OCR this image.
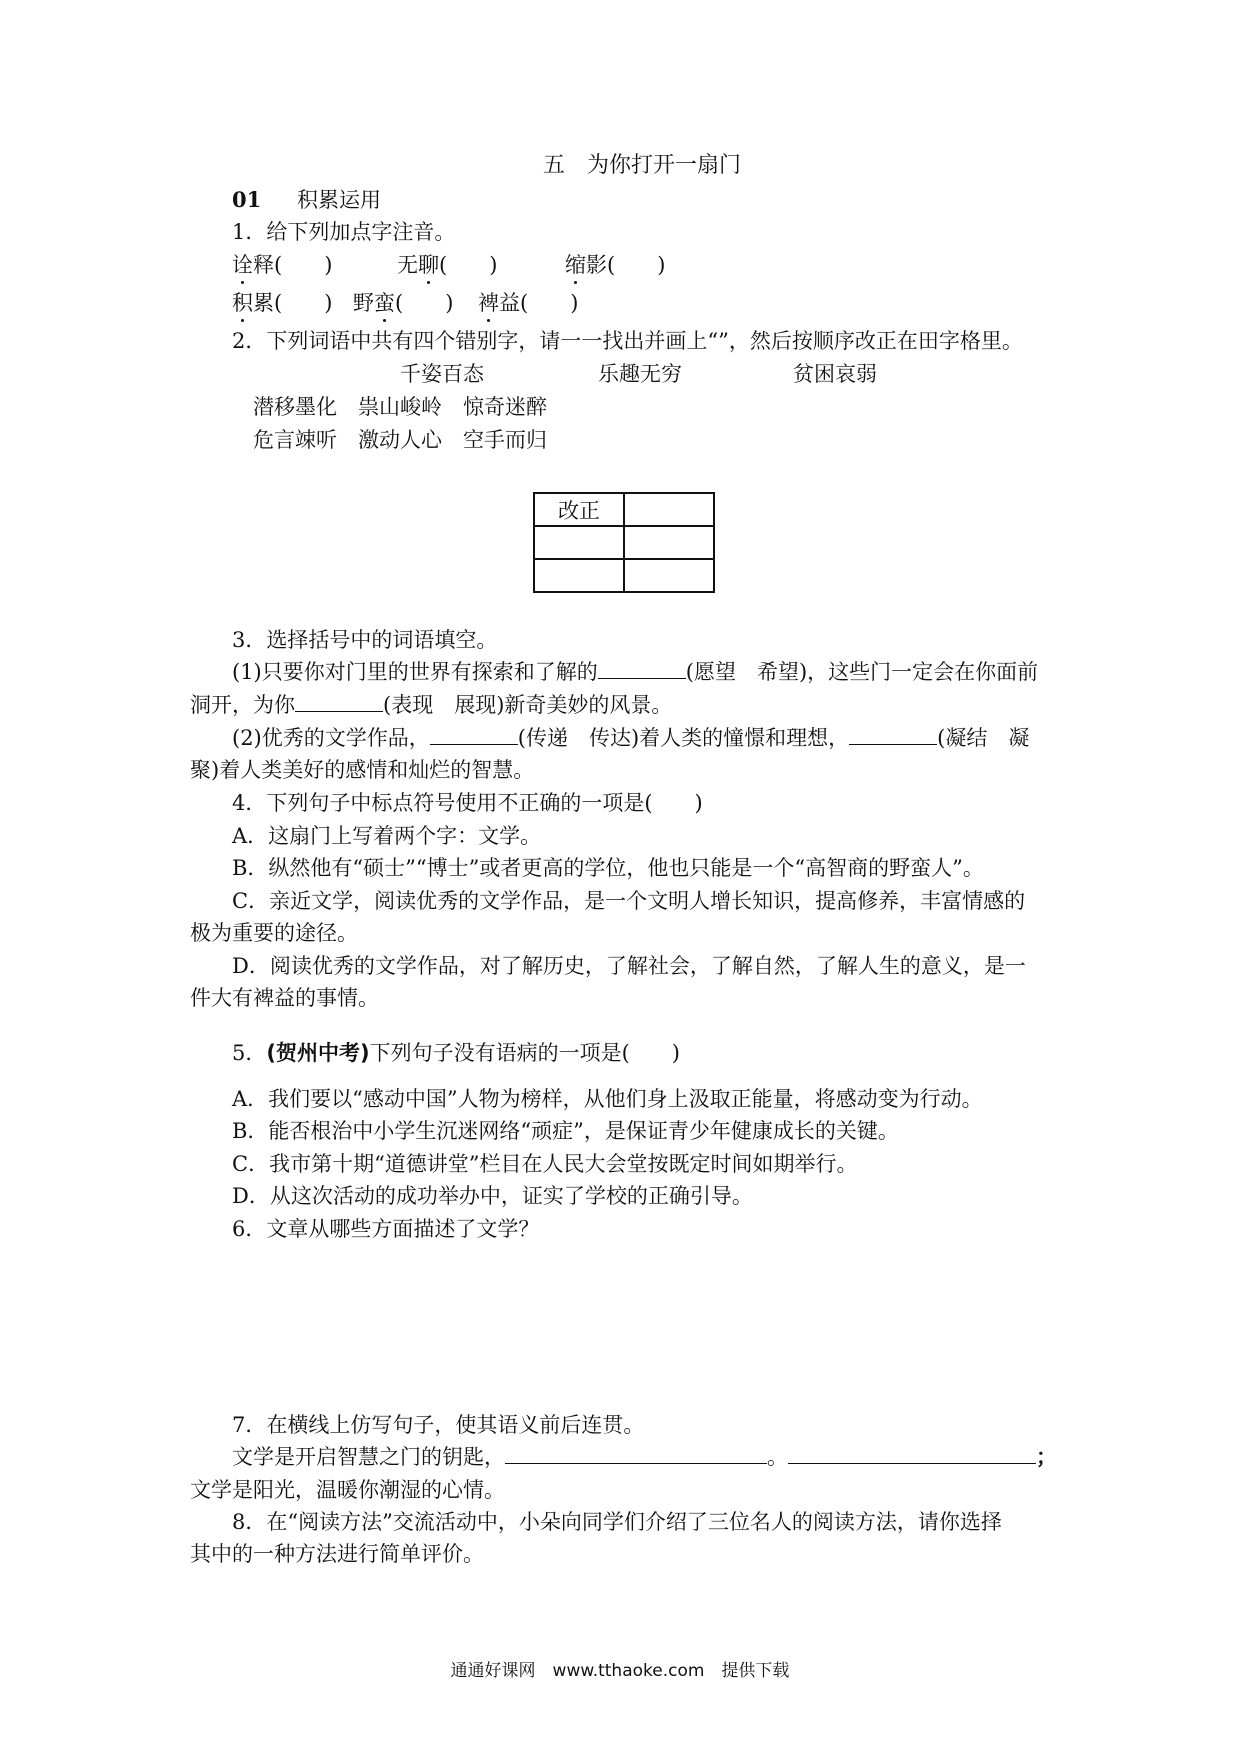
五　为你打开一扇门
01 积累运用
1．给下列加点字注音。
诠释(　　)	无聊(　　)	缩影(　　)
积累(　　) 野蛮(　　) 裨益(　　)
2．下列词语中共有四个错别字，请一一找出并画上“”，然后按顺序改正在田字格里。
千姿百态	乐趣无穷	贫困哀弱
潜移墨化　祟山峻岭　惊奇迷醉
危言竦听　激动人心　空手而归
改正	

3．选择括号中的词语填空。
(1)只要你对门里的世界有探索和了解的	(愿望　希望)，这些门一定会在你面前
洞开，为你	(表现　展现)新奇美妙的风景。
(2)优秀的文学作品，	(传递　传达)着人类的憧憬和理想，	(凝结　凝
聚)着人类美好的感情和灿烂的智慧。
4．下列句子中标点符号使用不正确的一项是(　　)
A．这扇门上写着两个字：文学。
B．纵然他有“硕士”“博士”或者更高的学位，他也只能是一个“高智商的野蛮人”。
C．亲近文学，阅读优秀的文学作品，是一个文明人增长知识，提高修养，丰富情感的
极为重要的途径。
D．阅读优秀的文学作品，对了解历史，了解社会，了解自然，了解人生的意义，是一
件大有裨益的事情。
5．(贺州中考)下列句子没有语病的一项是(　　)
A．我们要以“感动中国”人物为榜样，从他们身上汲取正能量，将感动变为行动。
B．能否根治中小学生沉迷网络“顽症”，是保证青少年健康成长的关键。
C．我市第十期“道德讲堂”栏目在人民大会堂按既定时间如期举行。
D．从这次活动的成功举办中，证实了学校的正确引导。
6．文章从哪些方面描述了文学？
7．在横线上仿写句子，使其语义前后连贯。
文学是开启智慧之门的钥匙，	。	；
文学是阳光，温暖你潮湿的心情。
8．在“阅读方法”交流活动中，小朵向同学们介绍了三位名人的阅读方法，请你选择
其中的一种方法进行简单评价。
通通好课网　www.tthaoke.com　提供下载
